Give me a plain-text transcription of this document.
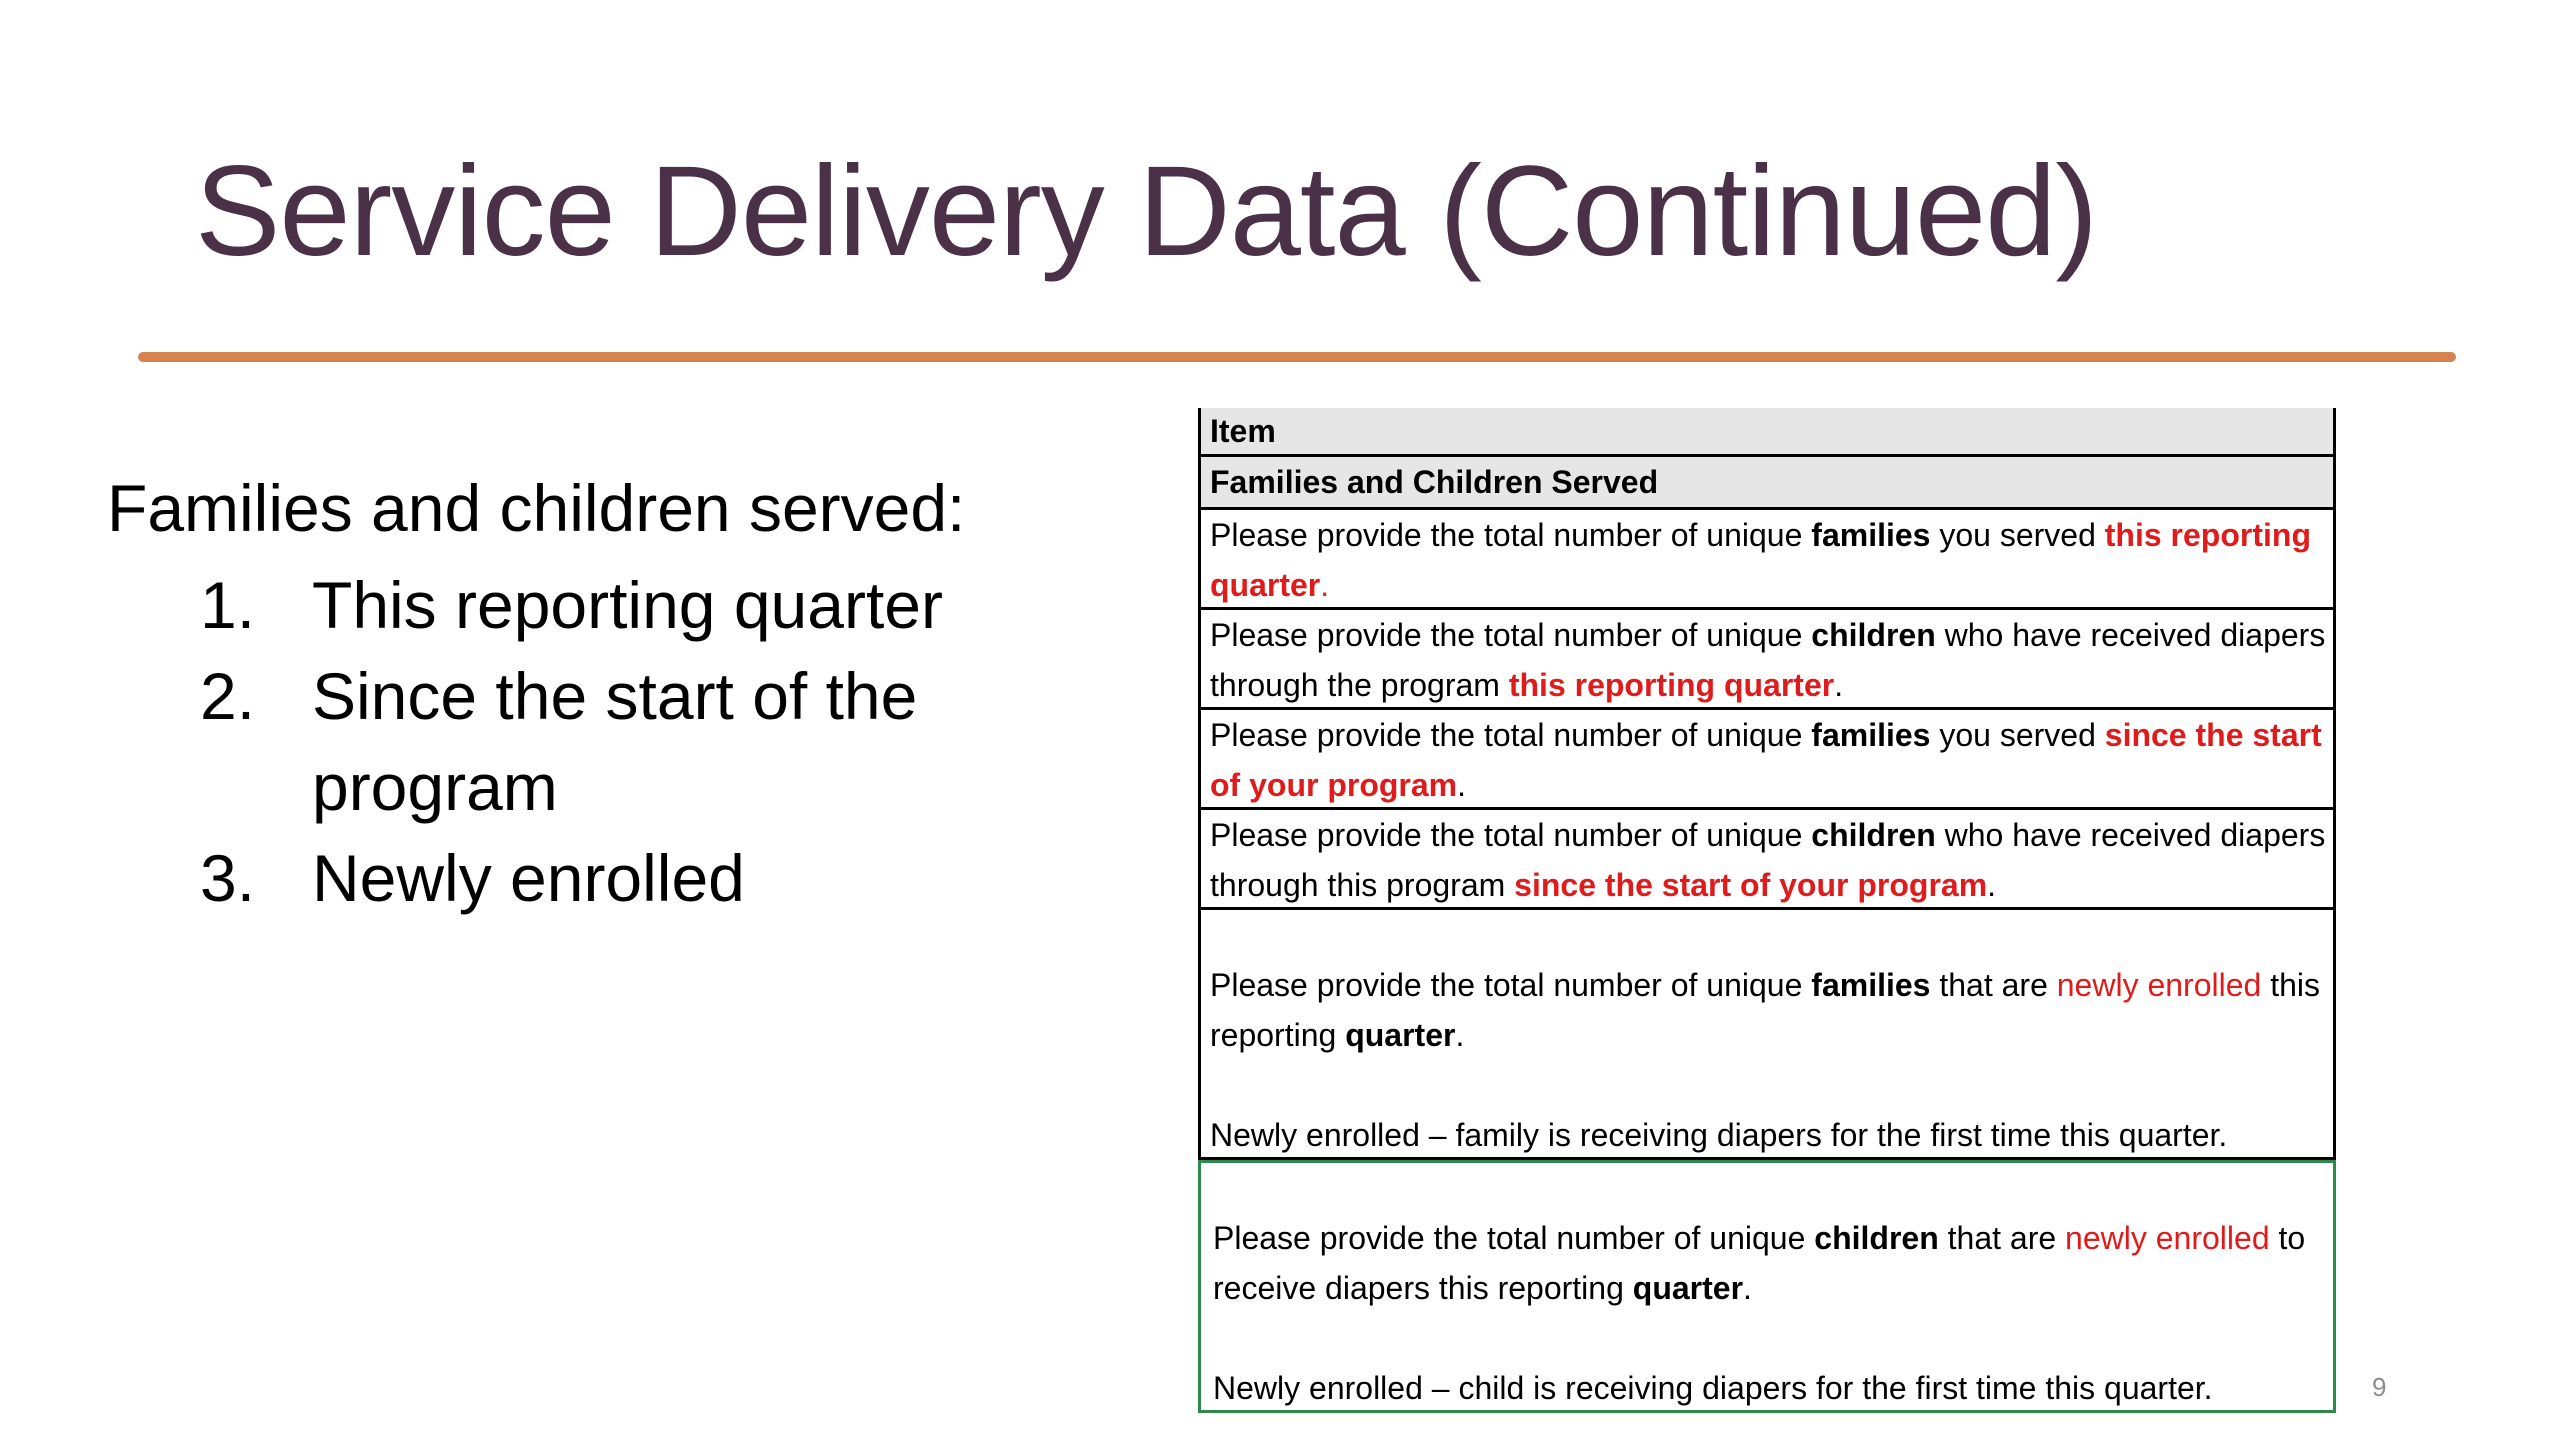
Service Delivery Data (Continued)
Families and children served:
1. This reporting quarter
2. Since the start of the program
3. Newly enrolled
Item
Families and Children Served
Please provide the total number of unique families you served this reporting quarter.
Please provide the total number of unique children who have received diapers through the program this reporting quarter.
Please provide the total number of unique families you served since the start of your program.
Please provide the total number of unique children who have received diapers through this program since the start of your program.
Please provide the total number of unique families that are newly enrolled this reporting quarter.
Newly enrolled – family is receiving diapers for the first time this quarter.
Please provide the total number of unique children that are newly enrolled to receive diapers this reporting quarter.
Newly enrolled – child is receiving diapers for the first time this quarter.	9
